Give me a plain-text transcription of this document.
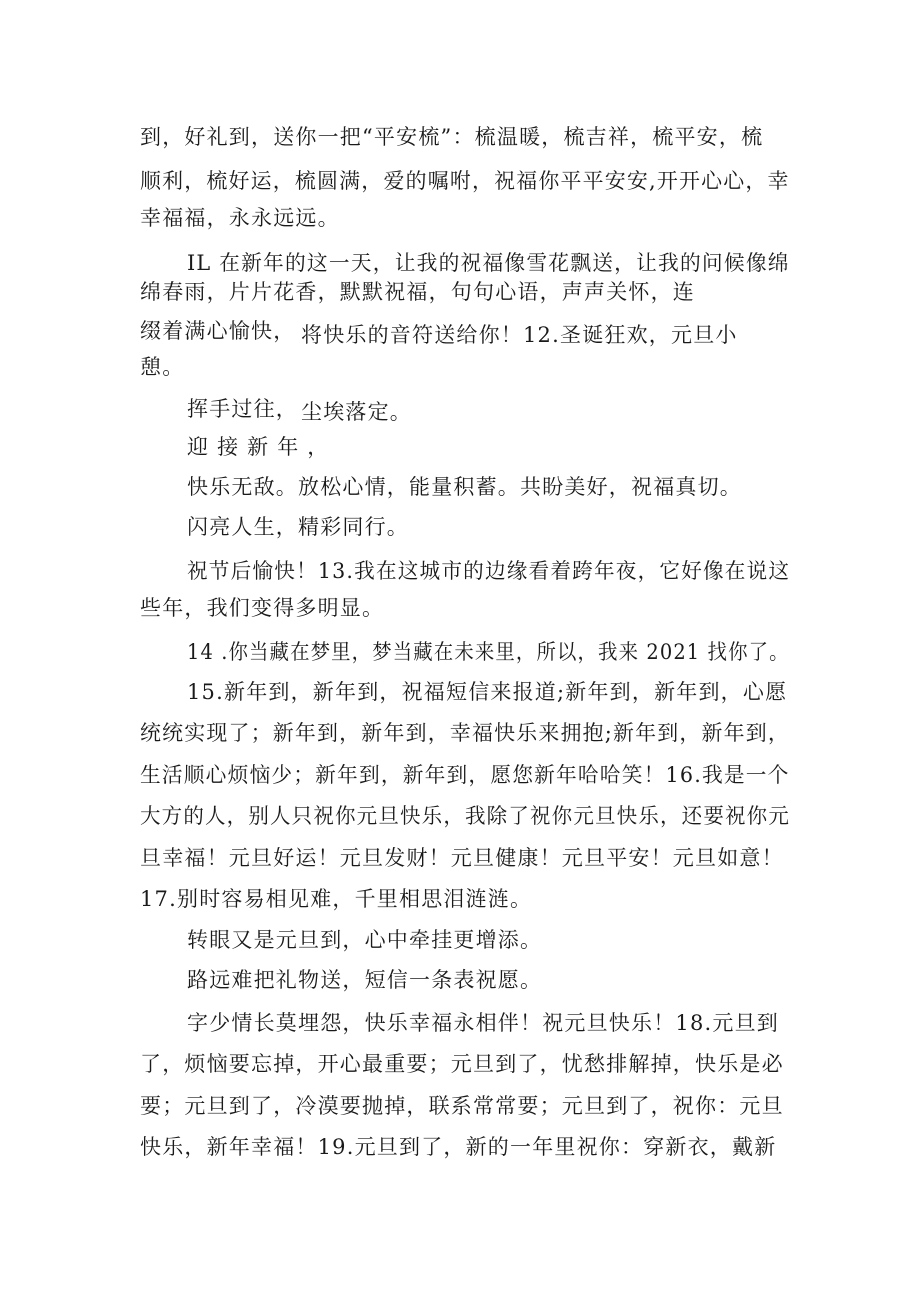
到，好礼到，送你一把“平安梳”：梳温暖，梳吉祥，梳平安，梳
顺利，梳好运，梳圆满，爱的嘱咐，祝福你平平安安,开开心心，幸
幸福福，永永远远。
IL 在新年的这一天，让我的祝福像雪花飘送，让我的问候像绵
绵春雨，片片花香，默默祝福，句句心语，声声关怀，连
缀着满心愉快， 将快乐的音符送给你！12.圣诞狂欢，元旦小
憩。
挥手过往， 尘埃落定。
迎 接 新 年 ，
快乐无敌。放松心情，能量积蓄。共盼美好，祝福真切。
闪亮人生，精彩同行。
祝节后愉快！13.我在这城市的边缘看着跨年夜，它好像在说这
些年，我们变得多明显。
14 .你当藏在梦里，梦当藏在未来里，所以，我来 2021 找你了。
15.新年到，新年到，祝福短信来报道;新年到，新年到，心愿
统统实现了；新年到，新年到，幸福快乐来拥抱;新年到，新年到，
生活顺心烦恼少；新年到，新年到，愿您新年哈哈笑！16.我是一个
大方的人，别人只祝你元旦快乐，我除了祝你元旦快乐，还要祝你元
旦幸福！元旦好运！元旦发财！元旦健康！元旦平安！元旦如意！
17.别时容易相见难，千里相思泪涟涟。
转眼又是元旦到，心中牵挂更增添。
路远难把礼物送，短信一条表祝愿。
字少情长莫埋怨，快乐幸福永相伴！祝元旦快乐！18.元旦到
了，烦恼要忘掉，开心最重要；元旦到了，忧愁排解掉，快乐是必
要；元旦到了，冷漠要抛掉，联系常常要；元旦到了，祝你：元旦
快乐，新年幸福！19.元旦到了，新的一年里祝你：穿新衣，戴新
